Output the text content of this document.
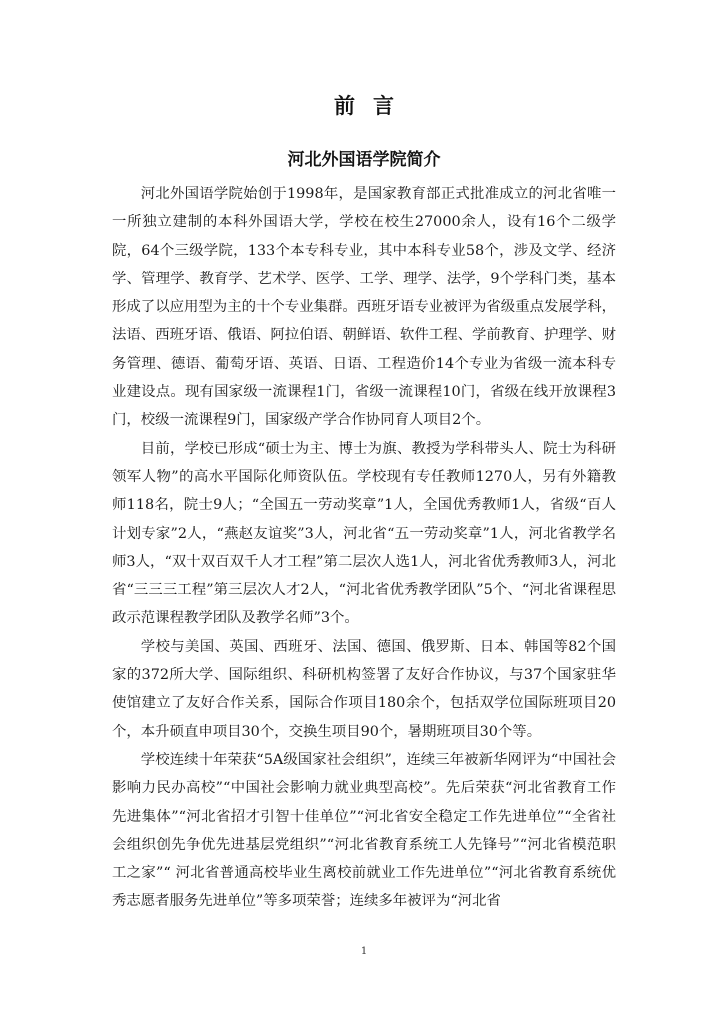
前言
河北外国语学院简介

河北外国语学院始创于1998年，是国家教育部正式批准成立的河北省唯一一所独立建制的本科外国语大学，学校在校生27000余人，设有16个二级学院，64个三级学院，133个本专科专业，其中本科专业58个，涉及文学、经济学、管理学、教育学、艺术学、医学、工学、理学、法学，9个学科门类，基本形成了以应用型为主的十个专业集群。西班牙语专业被评为省级重点发展学科，法语、西班牙语、俄语、阿拉伯语、朝鲜语、软件工程、学前教育、护理学、财务管理、德语、葡萄牙语、英语、日语、工程造价14个专业为省级一流本科专业建设点。现有国家级一流课程1门，省级一流课程10门，省级在线开放课程3门，校级一流课程9门，国家级产学合作协同育人项目2个。

目前，学校已形成“硕士为主、博士为旗、教授为学科带头人、院士为科研领军人物”的高水平国际化师资队伍。学校现有专任教师1270人，另有外籍教师118名，院士9人；“全国五一劳动奖章”1人，全国优秀教师1人，省级“百人计划专家”2人，“燕赵友谊奖”3人，河北省“五一劳动奖章”1人，河北省教学名师3人，“双十双百双千人才工程”第二层次人选1人，河北省优秀教师3人，河北省“三三三工程”第三层次人才2人，“河北省优秀教学团队”5个、“河北省课程思政示范课程教学团队及教学名师”3个。

学校与美国、英国、西班牙、法国、德国、俄罗斯、日本、韩国等82个国家的372所大学、国际组织、科研机构签署了友好合作协议，与37个国家驻华使馆建立了友好合作关系，国际合作项目180余个，包括双学位国际班项目20个，本升硕直申项目30个，交换生项目90个，暑期班项目30个等。

学校连续十年荣获“5A级国家社会组织”，连续三年被新华网评为“中国社会影响力民办高校”“中国社会影响力就业典型高校”。先后荣获“河北省教育工作先进集体”“河北省招才引智十佳单位”“河北省安全稳定工作先进单位”“全省社会组织创先争优先进基层党组织”“河北省教育系统工人先锋号”“河北省模范职工之家”“ 河北省普通高校毕业生离校前就业工作先进单位”“河北省教育系统优秀志愿者服务先进单位”等多项荣誉；连续多年被评为“河北省

1
